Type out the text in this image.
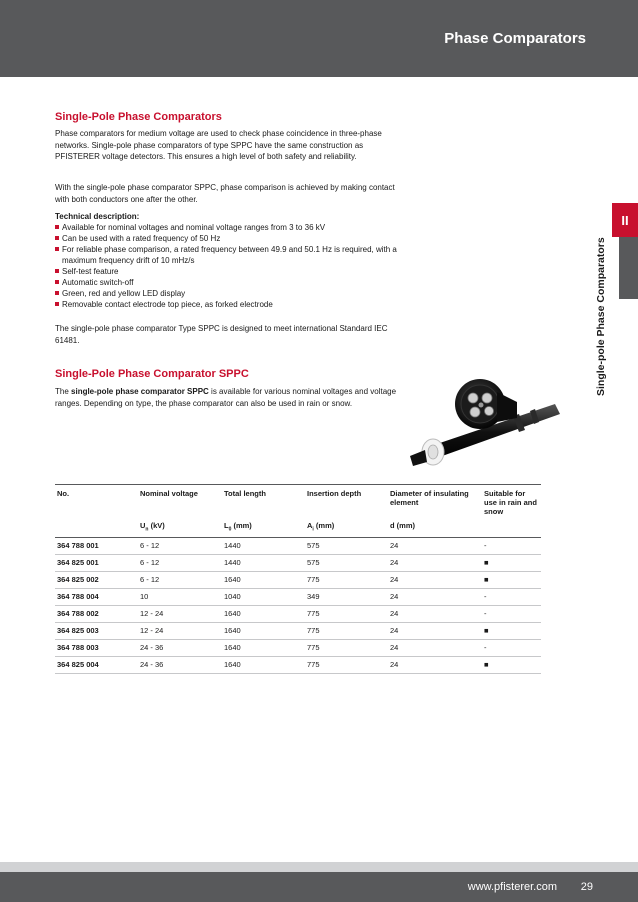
Phase Comparators
II
Single-pole Phase Comparators
Single-Pole Phase Comparators

Phase comparators for medium voltage are used to check phase coincidence in three-phase networks. Single-pole phase comparators of type SPPC have the same construction as PFISTERER voltage detectors. This ensures a high level of both safety and reliability.

With the single-pole phase comparator SPPC, phase comparison is achieved by making contact with both conductors one after the other.

Technical description:

Available for nominal voltages and nominal voltage ranges from 3 to 36 kV
Can be used with a rated frequency of 50 Hz
For reliable phase comparison, a rated frequency between 49.9 and 50.1 Hz is required, with a maximum frequency drift of 10 mHz/s
Self-test feature
Automatic switch-off
Green, red and yellow LED display
Removable contact electrode top piece, as forked electrode

The single-pole phase comparator Type SPPC is designed to meet international Standard IEC 61481.

Single-Pole Phase Comparator SPPC

The single-pole phase comparator SPPC is available for various nominal voltages and voltage ranges. Depending on type, the phase comparator can also be used in rain or snow.

No.	Nominal voltage	Total length	Insertion depth	Diameter of insulating element	Suitable for use in rain and snow
	$U_n$ (kV)	$L_0$ (mm)	$A_i$ (mm)	d (mm)	
364 788 001	6 - 12	1440	575	24	-
364 825 001	6 - 12	1440	575	24	■
364 825 002	6 - 12	1640	775	24	■
364 788 004	10	1040	349	24	-
364 788 002	12 - 24	1640	775	24	-
364 825 003	12 - 24	1640	775	24	■
364 788 003	24 - 36	1640	775	24	-
364 825 004	24 - 36	1640	775	24	■
www.pfisterer.com 29
